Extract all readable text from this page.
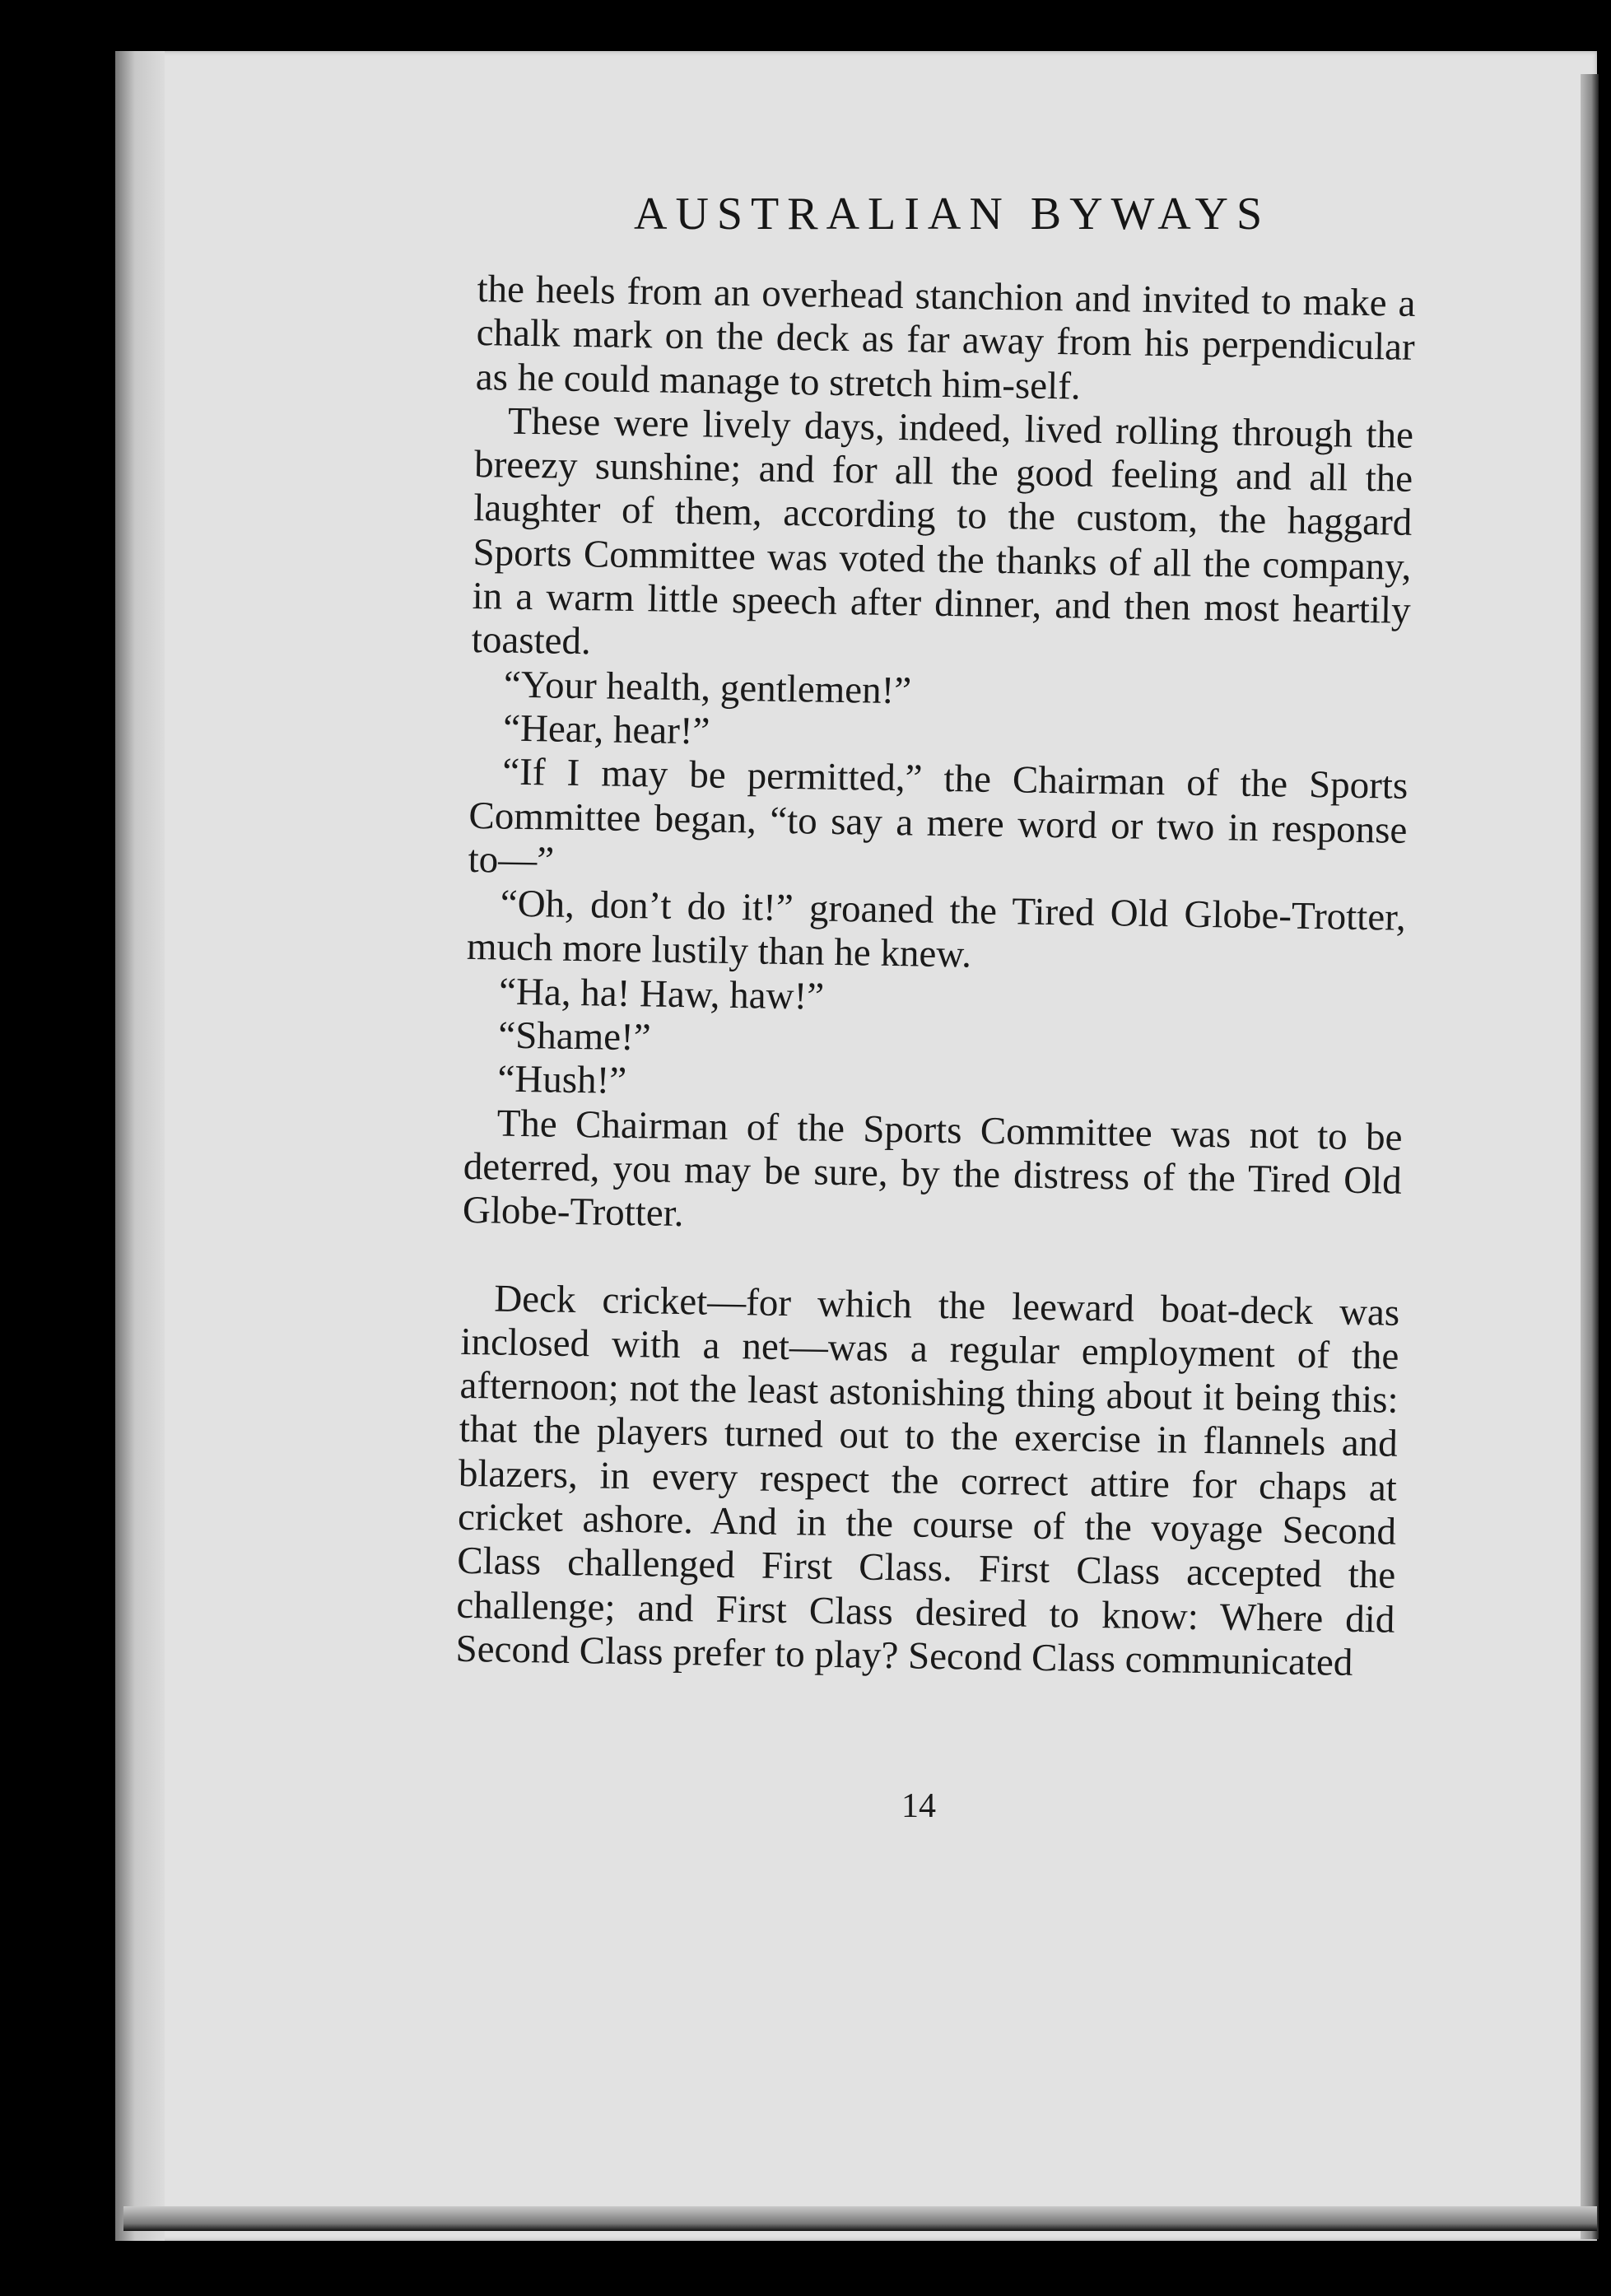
AUSTRALIAN BYWAYS

the heels from an overhead stanchion and invited to make a chalk mark on the deck as far away from his perpendicular as he could manage to stretch him-self.

These were lively days, indeed, lived rolling through the breezy sunshine; and for all the good feeling and all the laughter of them, according to the custom, the haggard Sports Committee was voted the thanks of all the company, in a warm little speech after dinner, and then most heartily toasted.

“Your health, gentlemen!”

“Hear, hear!”

“If I may be permitted,” the Chairman of the Sports Committee began, “to say a mere word or two in response to—”

“Oh, don’t do it!” groaned the Tired Old Globe-Trotter, much more lustily than he knew.

“Ha, ha! Haw, haw!”

“Shame!”

“Hush!”

The Chairman of the Sports Committee was not to be deterred, you may be sure, by the distress of the Tired Old Globe-Trotter.

Deck cricket—for which the leeward boat-deck was inclosed with a net—was a regular employment of the afternoon; not the least astonishing thing about it being this: that the players turned out to the exercise in flannels and blazers, in every respect the correct attire for chaps at cricket ashore. And in the course of the voyage Second Class challenged First Class. First Class accepted the challenge; and First Class desired to know: Where did Second Class prefer to play? Second Class communicated

14
